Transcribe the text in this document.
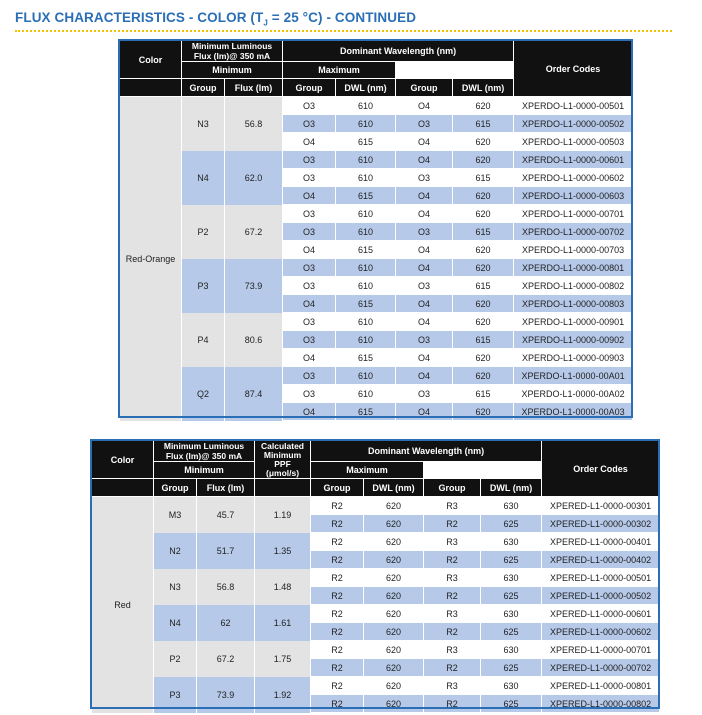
FLUX CHARACTERISTICS - COLOR ($T_J = 25$ °C) - CONTINUED
Color	Minimum Luminous Flux (lm)@ 350 mA		Dominant Wavelength (nm)				Order Codes
	Minimum		Maximum				
	Group	Flux (lm)	Group	DWL (nm)	Group	DWL (nm)	
Red-Orange	N3	56.8	O3	610	O4	620	XPERDO-L1-0000-00501
			O3	610	O3	615	XPERDO-L1-0000-00502
			O4	615	O4	620	XPERDO-L1-0000-00503
	N4	62.0	O3	610	O4	620	XPERDO-L1-0000-00601
			O3	610	O3	615	XPERDO-L1-0000-00602
			O4	615	O4	620	XPERDO-L1-0000-00603
	P2	67.2	O3	610	O4	620	XPERDO-L1-0000-00701
			O3	610	O3	615	XPERDO-L1-0000-00702
			O4	615	O4	620	XPERDO-L1-0000-00703
	P3	73.9	O3	610	O4	620	XPERDO-L1-0000-00801
			O3	610	O3	615	XPERDO-L1-0000-00802
			O4	615	O4	620	XPERDO-L1-0000-00803
	P4	80.6	O3	610	O4	620	XPERDO-L1-0000-00901
			O3	610	O3	615	XPERDO-L1-0000-00902
			O4	615	O4	620	XPERDO-L1-0000-00903
	Q2	87.4	O3	610	O4	620	XPERDO-L1-0000-00A01
			O3	610	O3	615	XPERDO-L1-0000-00A02
			O4	615	O4	620	XPERDO-L1-0000-00A03
Color	Minimum Luminous Flux (lm)@ 350 mA		Calculated
Minimum
PPF
(μmol/s)	Dominant Wavelength (nm)				Order Codes
	Minimum			Maximum				
	Group	Flux (lm)		Group	DWL (nm)	Group	DWL (nm)	
Red	M3	45.7	1.19	R2	620	R3	630	XPERED-L1-0000-00301
				R2	620	R2	625	XPERED-L1-0000-00302
	N2	51.7	1.35	R2	620	R3	630	XPERED-L1-0000-00401
				R2	620	R2	625	XPERED-L1-0000-00402
	N3	56.8	1.48	R2	620	R3	630	XPERED-L1-0000-00501
				R2	620	R2	625	XPERED-L1-0000-00502
	N4	62	1.61	R2	620	R3	630	XPERED-L1-0000-00601
				R2	620	R2	625	XPERED-L1-0000-00602
	P2	67.2	1.75	R2	620	R3	630	XPERED-L1-0000-00701
				R2	620	R2	625	XPERED-L1-0000-00702
	P3	73.9	1.92	R2	620	R3	630	XPERED-L1-0000-00801
				R2	620	R2	625	XPERED-L1-0000-00802
